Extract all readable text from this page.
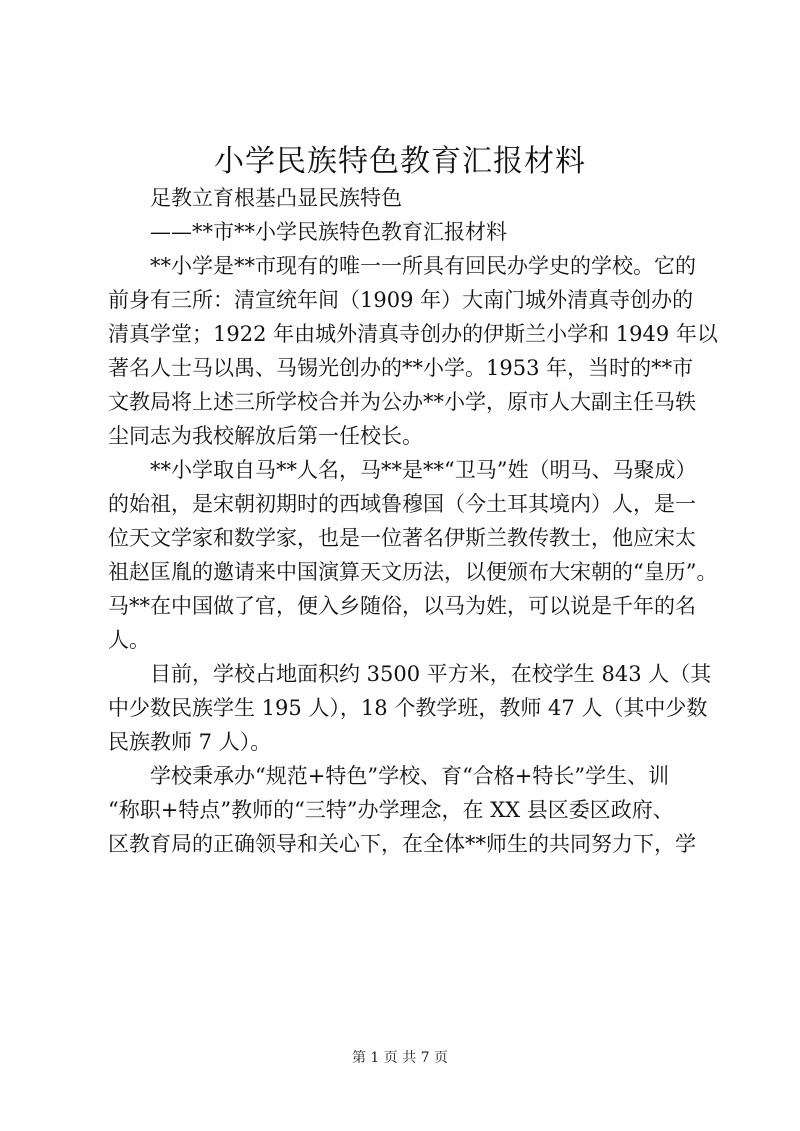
小学民族特色教育汇报材料
足教立育根基凸显民族特色
——**市**小学民族特色教育汇报材料
**小学是**市现有的唯一一所具有回民办学史的学校。它的
前身有三所：清宣统年间（1909 年）大南门城外清真寺创办的
清真学堂；1922 年由城外清真寺创办的伊斯兰小学和 1949 年以
著名人士马以禺、马锡光创办的**小学。1953 年，当时的**市
文教局将上述三所学校合并为公办**小学，原市人大副主任马轶
尘同志为我校解放后第一任校长。
**小学取自马**人名，马**是**“卫马”姓（明马、马聚成）
的始祖，是宋朝初期时的西域鲁穆国（今土耳其境内）人，是一
位天文学家和数学家，也是一位著名伊斯兰教传教士，他应宋太
祖赵匡胤的邀请来中国演算天文历法，以便颁布大宋朝的“皇历”。
马**在中国做了官，便入乡随俗，以马为姓，可以说是千年的名
人。
目前，学校占地面积约 3500 平方米，在校学生 843 人（其
中少数民族学生 195 人），18 个教学班，教师 47 人（其中少数
民族教师 7 人）。
学校秉承办“规范+特色”学校、育“合格+特长”学生、训
“称职+特点”教师的“三特”办学理念，在 XX 县区委区政府、
区教育局的正确领导和关心下，在全体**师生的共同努力下，学
第 1 页 共 7 页
